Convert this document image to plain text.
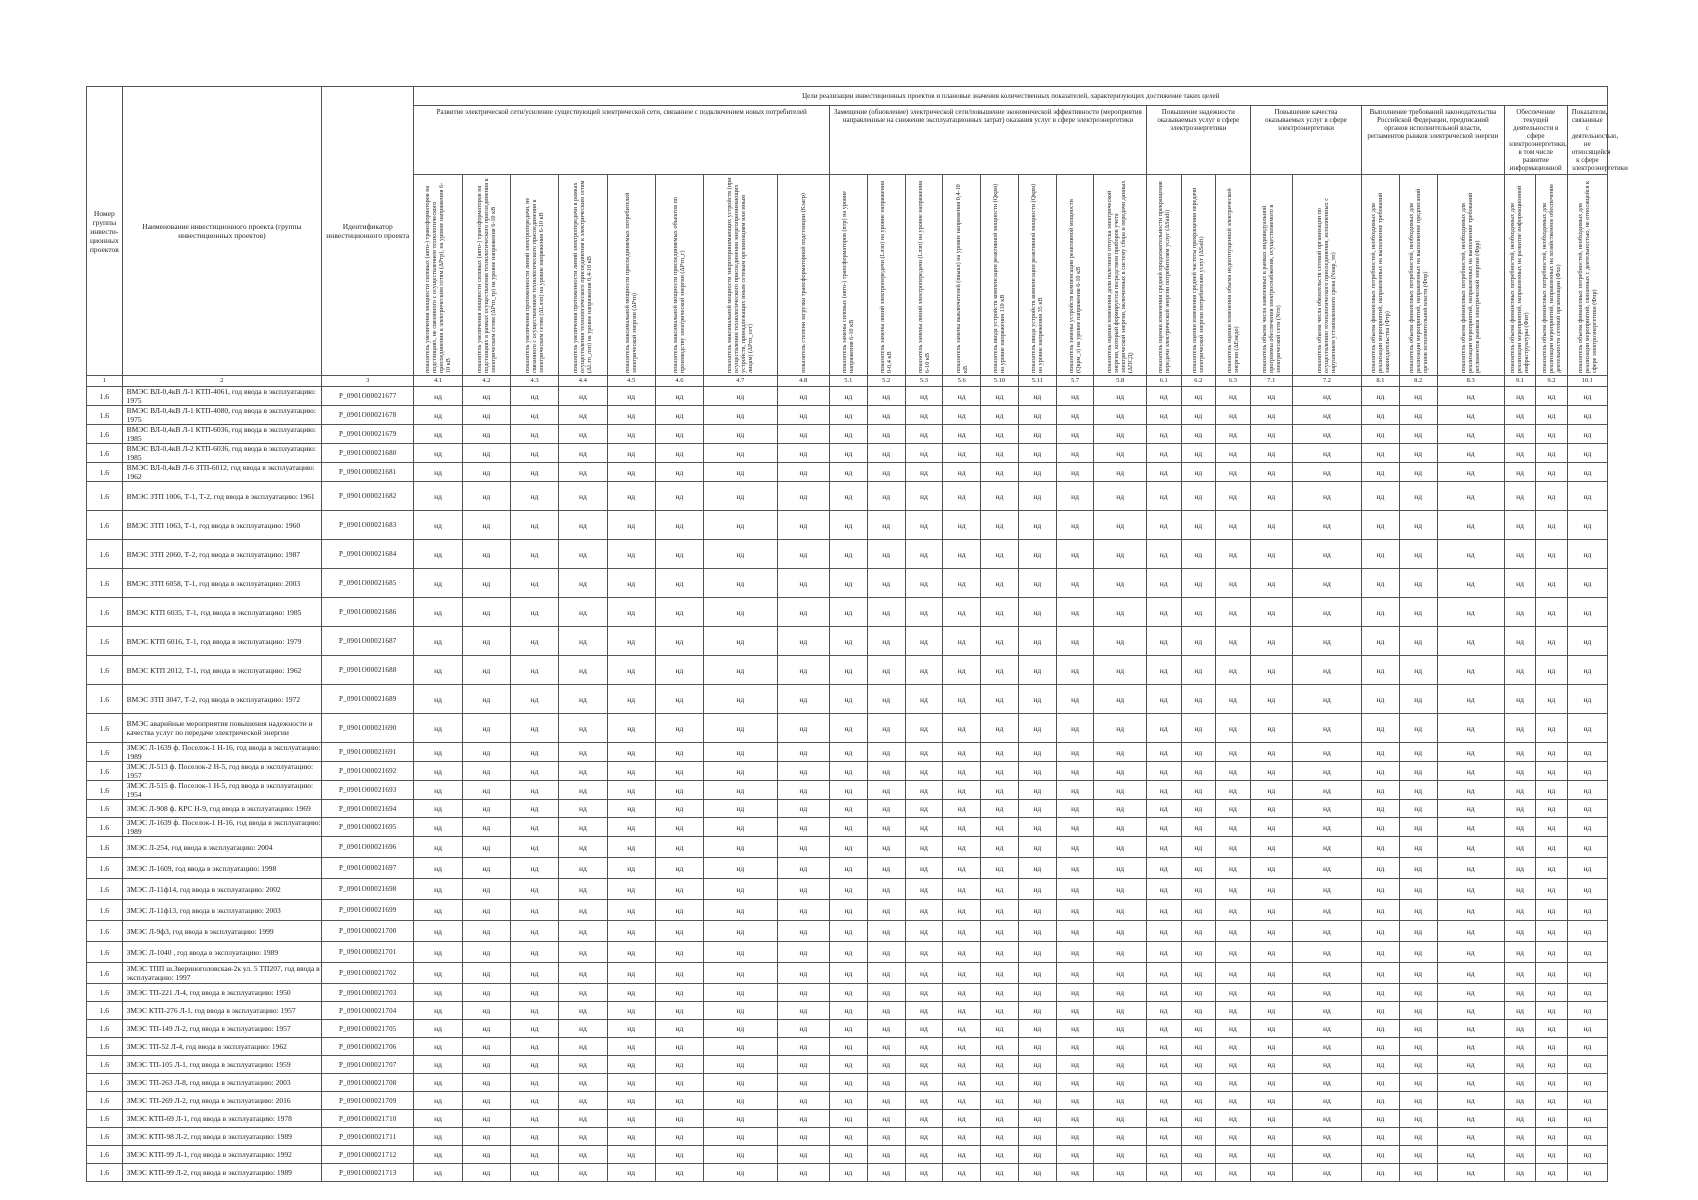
Номер группы инвести-ционных проектов	Наименование инвестиционного проекта (группы инвестиционных проектов)	Идентификатор инвестиционного проекта	Цели реализации инвестиционных проектов и плановые значения количественных показателей, характеризующих достижение таких целей																										
			Развитие электрической сети/усиление существующей электрической сети, связанное с подключением новых потребителей								Замещение (обновление) электрической сети/повышение экономической эффективности (мероприятия направленные на снижение эксплуатационных затрат) оказания услуг в сфере электроэнергетики								Повышение надежности оказываемых услуг в сфере электроэнергетики			Повышение качества оказываемых услуг в сфере электроэнергетики		Выполнение требований законодательства Российской Федерации, предписаний органов исполнительной власти, регламентов рынков электрической энергии			Обеспечение текущей деятельности в сфере электроэнергетики, в том числе развитие информационной		Показатели, связанные с деятельностью, не относящейся к сфере электроэнергетики

			показатель увеличения мощности силовых (авто-) трансформаторов на подстанциях, не связанного с осуществлением технологического присоединения к электрическим сетям (ΔPтр), на уровне напряжения 6-10 кВ	показатель увеличения мощности силовых (авто-) трансформаторов на подстанциях в рамках осуществления технологического присоединения к электрическим сетям (ΔPтп_тр) на уровне напряжения 6-10 кВ	показатель увеличения протяженности линий электропередачи, не связанного с осуществлением технологического присоединения к электрическим сетям (ΔLлэп) на уровне напряжения 6-10 кВ	показатель увеличения протяженности линий электропередачи в рамках осуществления технологического присоединения к электрическим сетям (ΔLтп_лэп) на уровне напряжения 0,4-10 кВ	показатель максимальной мощности присоединяемых потребителей электрической энергии (ΔPтп)	показатель максимальной мощности присоединяемых объектов по производству электрической энергии (ΔPтп_г)	показатель максимальной мощности энергопринимающих устройств (при осуществлении технологического присоединения энергопринимающих устройств, принадлежащих иным сетевым организациям или иным лицам) (ΔPтп_сет)	показатель степени загрузки трансформаторной подстанции (Kзагр)	показатель замены силовых (авто-) трансформаторов (nтр) на уровне напряжения 6-10 кВ	показатель замены линий электропередачи (Lлэп) на уровне напряжения 0-0,4 кВ	показатель замены линий электропередачи (Lлэп) на уровне напряжения 6-10 кВ	показатель замены выключателей (nвыкл) на уровне напряжения 0,4-10 кВ	показатель ввода устройств компенсации реактивной мощности (Qкрм) на уровне напряжения 110 кВ	показатель ввода устройств компенсации реактивной мощности (Qкрм) на уровне напряжения 35 кВ	показатель замены устройств компенсации реактивной мощности (Qкрм_з) на уровне напряжения 6-10 кВ	показатель оценки изменения доли полезного отпуска электрической энергии, который формируется посредством приборов учета электрической энергии, включенных в систему сбора и передачи данных (ΔПСД)	показатель оценки изменения средней продолжительности прекращения передачи электрической энергии потребителям услуг (ΔSaidi)	показатель оценки изменения средней частоты прекращения передачи электрической энергии потребителям услуг (ΔSaifi)	показатель оценки изменения объема недоотпущенной электрической энергии (ΔEнедо)	показатель объема числа заявленных в рамках индивидуальной программы обеспечения электроснабжения, осуществляемого в электрической сети (Nтп)	показатель объема числа обязательств сетевой организации по осуществлению технологического присоединения, исполненных с нарушением установленного срока (Nнар_тп)	показатель объема финансовых потребностей, необходимых для реализации мероприятий, направленных на выполнение требований законодательства (Фтр)	показатель объема финансовых потребностей, необходимых для реализации мероприятий, направленных на выполнение предписаний органов исполнительной власти (Фпр)	показатель объема финансовых потребностей, необходимых для реализации мероприятий, направленных на выполнение требований регламентов рынков электрической энергии (Фрр)	показатель объема финансовых потребностей, необходимых для реализации мероприятий, направленных на развитие информационной инфраструктуры (Фит)	показатель объема финансовых потребностей, необходимых для реализации мероприятий, направленных на хозяйственное обеспечение деятельности сетевой организации (Фхо)	показатель объема финансовых потребностей, необходимых для реализации мероприятий, связанных с деятельностью, не относящейся к сфере электроэнергетики (Фпр)

1	2	3	4.1	4.2	4.3	4.4	4.5	4.6	4.7	4.8	5.1	5.2	5.3	5.6	5.10	5.11	5.7	5.8	6.1	6.2	6.3	7.1	7.2	8.1	8.2	8.3	9.1	9.2	10.1
1.6	ВМЭС ВЛ-0,4кВ Л-1 КТП-4061, год ввода в эксплуатацию: 1975	P_0901O00021677	нд	нд	нд	нд	нд	нд	нд	нд	нд	нд	нд	нд	нд	нд	нд	нд	нд	нд	нд	нд	нд	нд	нд	нд	нд	нд	нд
1.6	ВМЭС ВЛ-0,4кВ Л-1 КТП-4080, год ввода в эксплуатацию: 1975	P_0901O00021678	нд	нд	нд	нд	нд	нд	нд	нд	нд	нд	нд	нд	нд	нд	нд	нд	нд	нд	нд	нд	нд	нд	нд	нд	нд	нд	нд
1.6	ВМЭС ВЛ-0,4кВ Л-1 КТП-6036, год ввода в эксплуатацию: 1985	P_0901O00021679	нд	нд	нд	нд	нд	нд	нд	нд	нд	нд	нд	нд	нд	нд	нд	нд	нд	нд	нд	нд	нд	нд	нд	нд	нд	нд	нд
1.6	ВМЭС ВЛ-0,4кВ Л-2 КТП-6036, год ввода в эксплуатацию: 1985	P_0901O00021680	нд	нд	нд	нд	нд	нд	нд	нд	нд	нд	нд	нд	нд	нд	нд	нд	нд	нд	нд	нд	нд	нд	нд	нд	нд	нд	нд
1.6	ВМЭС ВЛ-0,4кВ Л-6 ЗТП-6012, год ввода в эксплуатацию: 1962	P_0901O00021681	нд	нд	нд	нд	нд	нд	нд	нд	нд	нд	нд	нд	нд	нд	нд	нд	нд	нд	нд	нд	нд	нд	нд	нд	нд	нд	нд
1.6	ВМЭС ЗТП 1006, Т-1, Т-2, год ввода в эксплуатацию: 1961	P_0901O00021682	нд	нд	нд	нд	нд	нд	нд	нд	нд	нд	нд	нд	нд	нд	нд	нд	нд	нд	нд	нд	нд	нд	нд	нд	нд	нд	нд
1.6	ВМЭС ЗТП 1063, Т-1, год ввода в эксплуатацию: 1960	P_0901O00021683	нд	нд	нд	нд	нд	нд	нд	нд	нд	нд	нд	нд	нд	нд	нд	нд	нд	нд	нд	нд	нд	нд	нд	нд	нд	нд	нд
1.6	ВМЭС ЗТП 2060, Т-2, год ввода в эксплуатацию: 1987	P_0901O00021684	нд	нд	нд	нд	нд	нд	нд	нд	нд	нд	нд	нд	нд	нд	нд	нд	нд	нд	нд	нд	нд	нд	нд	нд	нд	нд	нд
1.6	ВМЭС ЗТП 6058, Т-1, год ввода в эксплуатацию: 2003	P_0901O00021685	нд	нд	нд	нд	нд	нд	нд	нд	нд	нд	нд	нд	нд	нд	нд	нд	нд	нд	нд	нд	нд	нд	нд	нд	нд	нд	нд
1.6	ВМЭС КТП 6035, Т-1, год ввода в эксплуатацию: 1985	P_0901O00021686	нд	нд	нд	нд	нд	нд	нд	нд	нд	нд	нд	нд	нд	нд	нд	нд	нд	нд	нд	нд	нд	нд	нд	нд	нд	нд	нд
1.6	ВМЭС КТП 6016, Т-1, год ввода в эксплуатацию: 1979	P_0901O00021687	нд	нд	нд	нд	нд	нд	нд	нд	нд	нд	нд	нд	нд	нд	нд	нд	нд	нд	нд	нд	нд	нд	нд	нд	нд	нд	нд
1.6	ВМЭС КТП 2012, Т-1, год ввода в эксплуатацию: 1962	P_0901O00021688	нд	нд	нд	нд	нд	нд	нд	нд	нд	нд	нд	нд	нд	нд	нд	нд	нд	нд	нд	нд	нд	нд	нд	нд	нд	нд	нд
1.6	ВМЭС ЗТП 3047, Т-2, год ввода в эксплуатацию: 1972	P_0901O00021689	нд	нд	нд	нд	нд	нд	нд	нд	нд	нд	нд	нд	нд	нд	нд	нд	нд	нд	нд	нд	нд	нд	нд	нд	нд	нд	нд
1.6	ВМЭС аварийные мероприятия повышения надежности и качества услуг по передаче электрической энергии	P_0901O00021690	нд	нд	нд	нд	нд	нд	нд	нд	нд	нд	нд	нд	нд	нд	нд	нд	нд	нд	нд	нд	нд	нд	нд	нд	нд	нд	нд
1.6	ЗМЭС Л-1639 ф. Поселок-1 Н-16, год ввода в эксплуатацию: 1989	P_0901O00021691	нд	нд	нд	нд	нд	нд	нд	нд	нд	нд	нд	нд	нд	нд	нд	нд	нд	нд	нд	нд	нд	нд	нд	нд	нд	нд	нд
1.6	ЗМЭС Л-513 ф. Поселок-2 Н-5, год ввода в эксплуатацию: 1957	P_0901O00021692	нд	нд	нд	нд	нд	нд	нд	нд	нд	нд	нд	нд	нд	нд	нд	нд	нд	нд	нд	нд	нд	нд	нд	нд	нд	нд	нд
1.6	ЗМЭС Л-515 ф. Поселок-1 Н-5, год ввода в эксплуатацию: 1954	P_0901O00021693	нд	нд	нд	нд	нд	нд	нд	нд	нд	нд	нд	нд	нд	нд	нд	нд	нд	нд	нд	нд	нд	нд	нд	нд	нд	нд	нд
1.6	ЗМЭС Л-908 ф. КРС Н-9, год ввода в эксплуатацию: 1969	P_0901O00021694	нд	нд	нд	нд	нд	нд	нд	нд	нд	нд	нд	нд	нд	нд	нд	нд	нд	нд	нд	нд	нд	нд	нд	нд	нд	нд	нд
1.6	ЗМЭС Л-1639 ф. Поселок-1 Н-16, год ввода в эксплуатацию: 1989	P_0901O00021695	нд	нд	нд	нд	нд	нд	нд	нд	нд	нд	нд	нд	нд	нд	нд	нд	нд	нд	нд	нд	нд	нд	нд	нд	нд	нд	нд
1.6	ЗМЭС Л-254, год ввода в эксплуатацию: 2004	P_0901O00021696	нд	нд	нд	нд	нд	нд	нд	нд	нд	нд	нд	нд	нд	нд	нд	нд	нд	нд	нд	нд	нд	нд	нд	нд	нд	нд	нд
1.6	ЗМЭС Л-1609, год ввода в эксплуатацию: 1998	P_0901O00021697	нд	нд	нд	нд	нд	нд	нд	нд	нд	нд	нд	нд	нд	нд	нд	нд	нд	нд	нд	нд	нд	нд	нд	нд	нд	нд	нд
1.6	ЗМЭС Л-11ф14, год ввода в эксплуатацию: 2002	P_0901O00021698	нд	нд	нд	нд	нд	нд	нд	нд	нд	нд	нд	нд	нд	нд	нд	нд	нд	нд	нд	нд	нд	нд	нд	нд	нд	нд	нд
1.6	ЗМЭС Л-11ф13, год ввода в эксплуатацию: 2003	P_0901O00021699	нд	нд	нд	нд	нд	нд	нд	нд	нд	нд	нд	нд	нд	нд	нд	нд	нд	нд	нд	нд	нд	нд	нд	нд	нд	нд	нд
1.6	ЗМЭС Л-9ф3, год ввода в эксплуатацию: 1999	P_0901O00021700	нд	нд	нд	нд	нд	нд	нд	нд	нд	нд	нд	нд	нд	нд	нд	нд	нд	нд	нд	нд	нд	нд	нд	нд	нд	нд	нд
1.6	ЗМЭС Л-1040 , год ввода в эксплуатацию: 1989	P_0901O00021701	нд	нд	нд	нд	нд	нд	нд	нд	нд	нд	нд	нд	нд	нд	нд	нд	нд	нд	нд	нд	нд	нд	нд	нд	нд	нд	нд
1.6	ЗМЭС ТПП ш.Звериноголовская-2к ул. 5 ТП207, год ввода в эксплуатацию: 1997	P_0901O00021702	нд	нд	нд	нд	нд	нд	нд	нд	нд	нд	нд	нд	нд	нд	нд	нд	нд	нд	нд	нд	нд	нд	нд	нд	нд	нд	нд
1.6	ЗМЭС ТП-221 Л-4, год ввода в эксплуатацию: 1950	P_0901O00021703	нд	нд	нд	нд	нд	нд	нд	нд	нд	нд	нд	нд	нд	нд	нд	нд	нд	нд	нд	нд	нд	нд	нд	нд	нд	нд	нд
1.6	ЗМЭС КТП-276 Л-1, год ввода в эксплуатацию: 1957	P_0901O00021704	нд	нд	нд	нд	нд	нд	нд	нд	нд	нд	нд	нд	нд	нд	нд	нд	нд	нд	нд	нд	нд	нд	нд	нд	нд	нд	нд
1.6	ЗМЭС ТП-149 Л-2, год ввода в эксплуатацию: 1957	P_0901O00021705	нд	нд	нд	нд	нд	нд	нд	нд	нд	нд	нд	нд	нд	нд	нд	нд	нд	нд	нд	нд	нд	нд	нд	нд	нд	нд	нд
1.6	ЗМЭС ТП-52 Л-4, год ввода в эксплуатацию: 1962	P_0901O00021706	нд	нд	нд	нд	нд	нд	нд	нд	нд	нд	нд	нд	нд	нд	нд	нд	нд	нд	нд	нд	нд	нд	нд	нд	нд	нд	нд
1.6	ЗМЭС ТП-105 Л-1, год ввода в эксплуатацию: 1959	P_0901O00021707	нд	нд	нд	нд	нд	нд	нд	нд	нд	нд	нд	нд	нд	нд	нд	нд	нд	нд	нд	нд	нд	нд	нд	нд	нд	нд	нд
1.6	ЗМЭС ТП-263 Л-8, год ввода в эксплуатацию: 2003	P_0901O00021708	нд	нд	нд	нд	нд	нд	нд	нд	нд	нд	нд	нд	нд	нд	нд	нд	нд	нд	нд	нд	нд	нд	нд	нд	нд	нд	нд
1.6	ЗМЭС ТП-269 Л-2, год ввода в эксплуатацию: 2016	P_0901O00021709	нд	нд	нд	нд	нд	нд	нд	нд	нд	нд	нд	нд	нд	нд	нд	нд	нд	нд	нд	нд	нд	нд	нд	нд	нд	нд	нд
1.6	ЗМЭС КТП-69 Л-1, год ввода в эксплуатацию: 1978	P_0901O00021710	нд	нд	нд	нд	нд	нд	нд	нд	нд	нд	нд	нд	нд	нд	нд	нд	нд	нд	нд	нд	нд	нд	нд	нд	нд	нд	нд
1.6	ЗМЭС КТП-98 Л-2, год ввода в эксплуатацию: 1989	P_0901O00021711	нд	нд	нд	нд	нд	нд	нд	нд	нд	нд	нд	нд	нд	нд	нд	нд	нд	нд	нд	нд	нд	нд	нд	нд	нд	нд	нд
1.6	ЗМЭС КТП-99 Л-1, год ввода в эксплуатацию: 1992	P_0901O00021712	нд	нд	нд	нд	нд	нд	нд	нд	нд	нд	нд	нд	нд	нд	нд	нд	нд	нд	нд	нд	нд	нд	нд	нд	нд	нд	нд
1.6	ЗМЭС КТП-99 Л-2, год ввода в эксплуатацию: 1989	P_0901O00021713	нд	нд	нд	нд	нд	нд	нд	нд	нд	нд	нд	нд	нд	нд	нд	нд	нд	нд	нд	нд	нд	нд	нд	нд	нд	нд	нд
